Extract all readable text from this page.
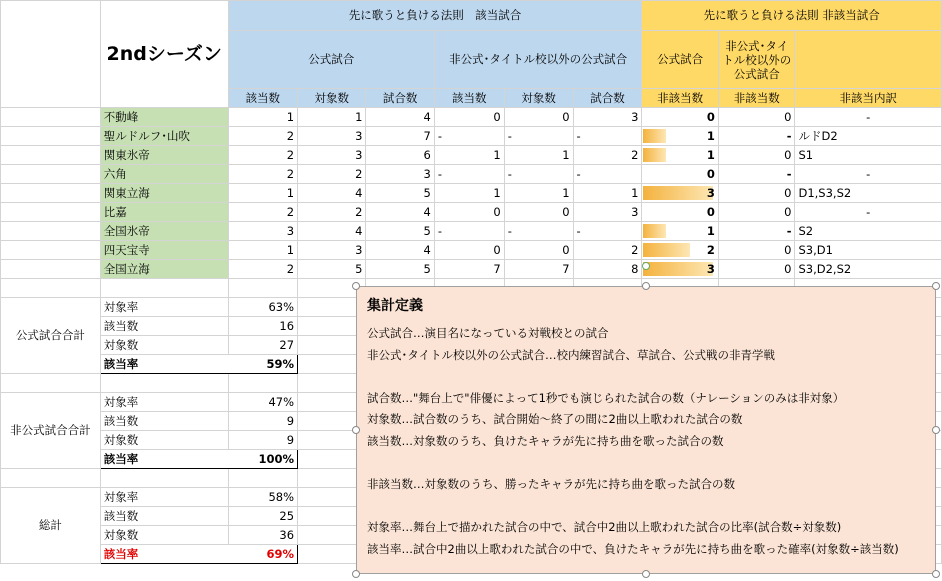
	2ndシーズン	先に歌うと負ける法則　該当試合						先に歌うと負ける法則 非該当試合		
		公式試合			非公式･タイトル校以外の公式試合			公式試合	非公式･タイトル校以外の公式試合	
		該当数	対象数	試合数	該当数	対象数	試合数	非該当数	非該当数	非該当内訳
	不動峰	1	1	4	0	0	3	0	0	-
	聖ルドルフ･山吹	2	3	7	-	-	-	1	-	ルドD2
	関東氷帝	2	3	6	1	1	2	1	0	S1
	六角	2	2	3	-	-	-	0	-	-
	関東立海	1	4	5	1	1	1	3	0	D1,S3,S2
	比嘉	2	2	4	0	0	3	0	0	-
	全国氷帝	3	4	5	-	-	-	1	-	S2
	四天宝寺	1	3	4	0	0	2	2	0	S3,D1
	全国立海	2	5	5	7	7	8	3	0	S3,D2,S2

公式試合合計	対象率	63%								
	該当数	16								
	対象数	27								
	該当率	59%								

非公式試合合計	対象率	47%								
	該当数	9								
	対象数	9								
	該当率	100%								

総計	対象率	58%								
	該当数	25								
	対象数	36								
	該当率	69%								
集計定義
公式試合…演目名になっている対戦校との試合
非公式･タイトル校以外の公式試合…校内練習試合、草試合、公式戦の非青学戦
試合数…"舞台上で"俳優によって1秒でも演じられた試合の数（ナレーションのみは非対象）
対象数…試合数のうち、試合開始～終了の間に2曲以上歌われた試合の数
該当数…対象数のうち、負けたキャラが先に持ち曲を歌った試合の数
非該当数…対象数のうち、勝ったキャラが先に持ち曲を歌った試合の数
対象率…舞台上で描かれた試合の中で、試合中2曲以上歌われた試合の比率(試合数÷対象数)
該当率…試合中2曲以上歌われた試合の中で、負けたキャラが先に持ち曲を歌った確率(対象数÷該当数)
